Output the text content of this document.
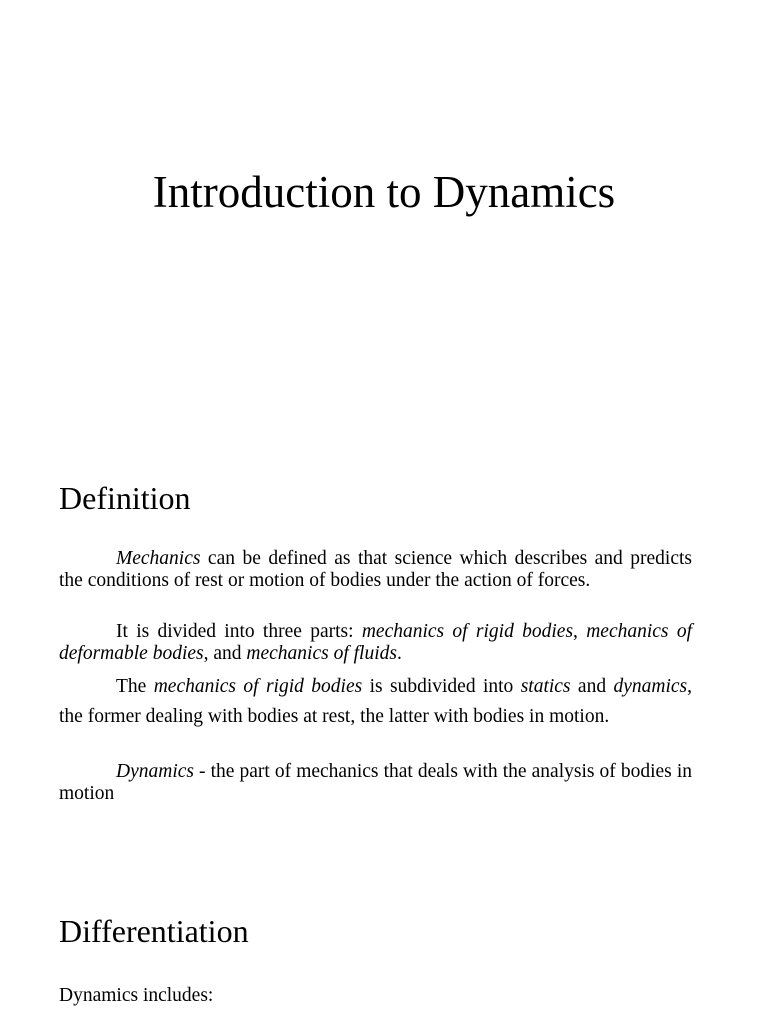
Introduction to Dynamics
Definition

Mechanics can be defined as that science which describes and predicts the conditions of rest or motion of bodies under the action of forces.

It is divided into three parts: mechanics of rigid bodies, mechanics of deformable bodies, and mechanics of fluids.

The mechanics of rigid bodies is subdivided into statics and dynamics, the former dealing with bodies at rest, the latter with bodies in motion.

Dynamics - the part of mechanics that deals with the analysis of bodies in motion

Differentiation

Dynamics includes:
